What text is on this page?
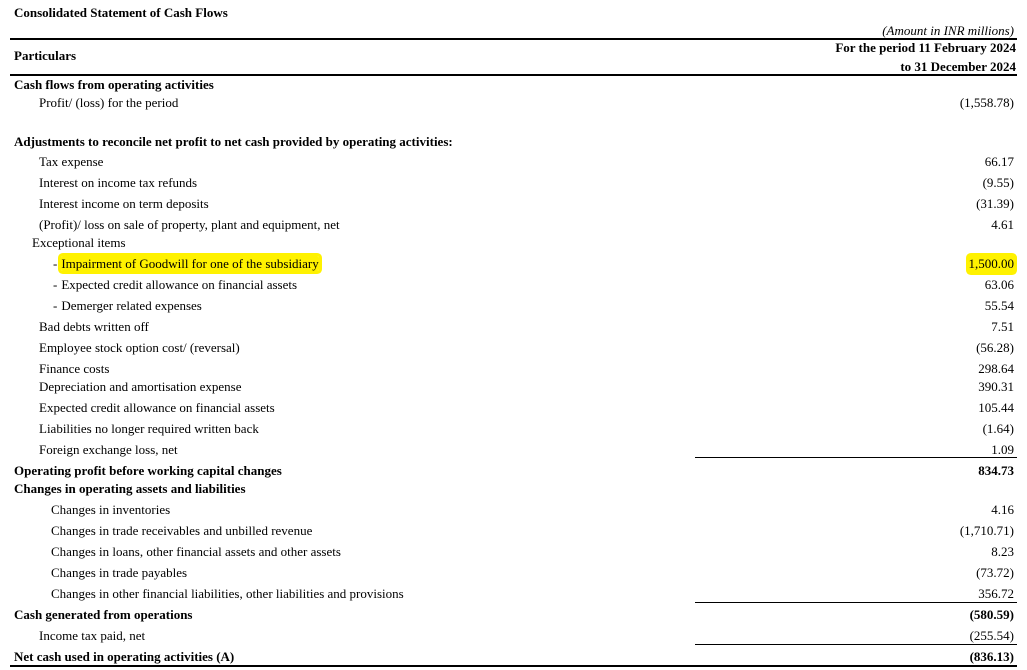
Consolidated Statement of Cash Flows
(Amount in INR millions)
Particulars
For the period 11 February 2024
to 31 December 2024
Cash flows from operating activities
Profit/ (loss) for the period	(1,558.78)
Adjustments to reconcile net profit to net cash provided by operating activities:
Tax expense	66.17
Interest on income tax refunds	(9.55)
Interest income on term deposits	(31.39)
(Profit)/ loss on sale of property, plant and equipment, net	4.61
Exceptional items
- Impairment of Goodwill for one of the subsidiary	1,500.00
- Expected credit allowance on financial assets	63.06
- Demerger related expenses	55.54
Bad debts written off	7.51
Employee stock option cost/ (reversal)	(56.28)
Finance costs	298.64
Depreciation and amortisation expense	390.31
Expected credit allowance on financial assets	105.44
Liabilities no longer required written back	(1.64)
Foreign exchange loss, net	1.09
Operating profit before working capital changes	834.73
Changes in operating assets and liabilities
Changes in inventories	4.16
Changes in trade receivables and unbilled revenue	(1,710.71)
Changes in loans, other financial assets and other assets	8.23
Changes in trade payables	(73.72)
Changes in other financial liabilities, other liabilities and provisions	356.72
Cash generated from operations	(580.59)
Income tax paid, net	(255.54)
Net cash used in operating activities (A)	(836.13)
